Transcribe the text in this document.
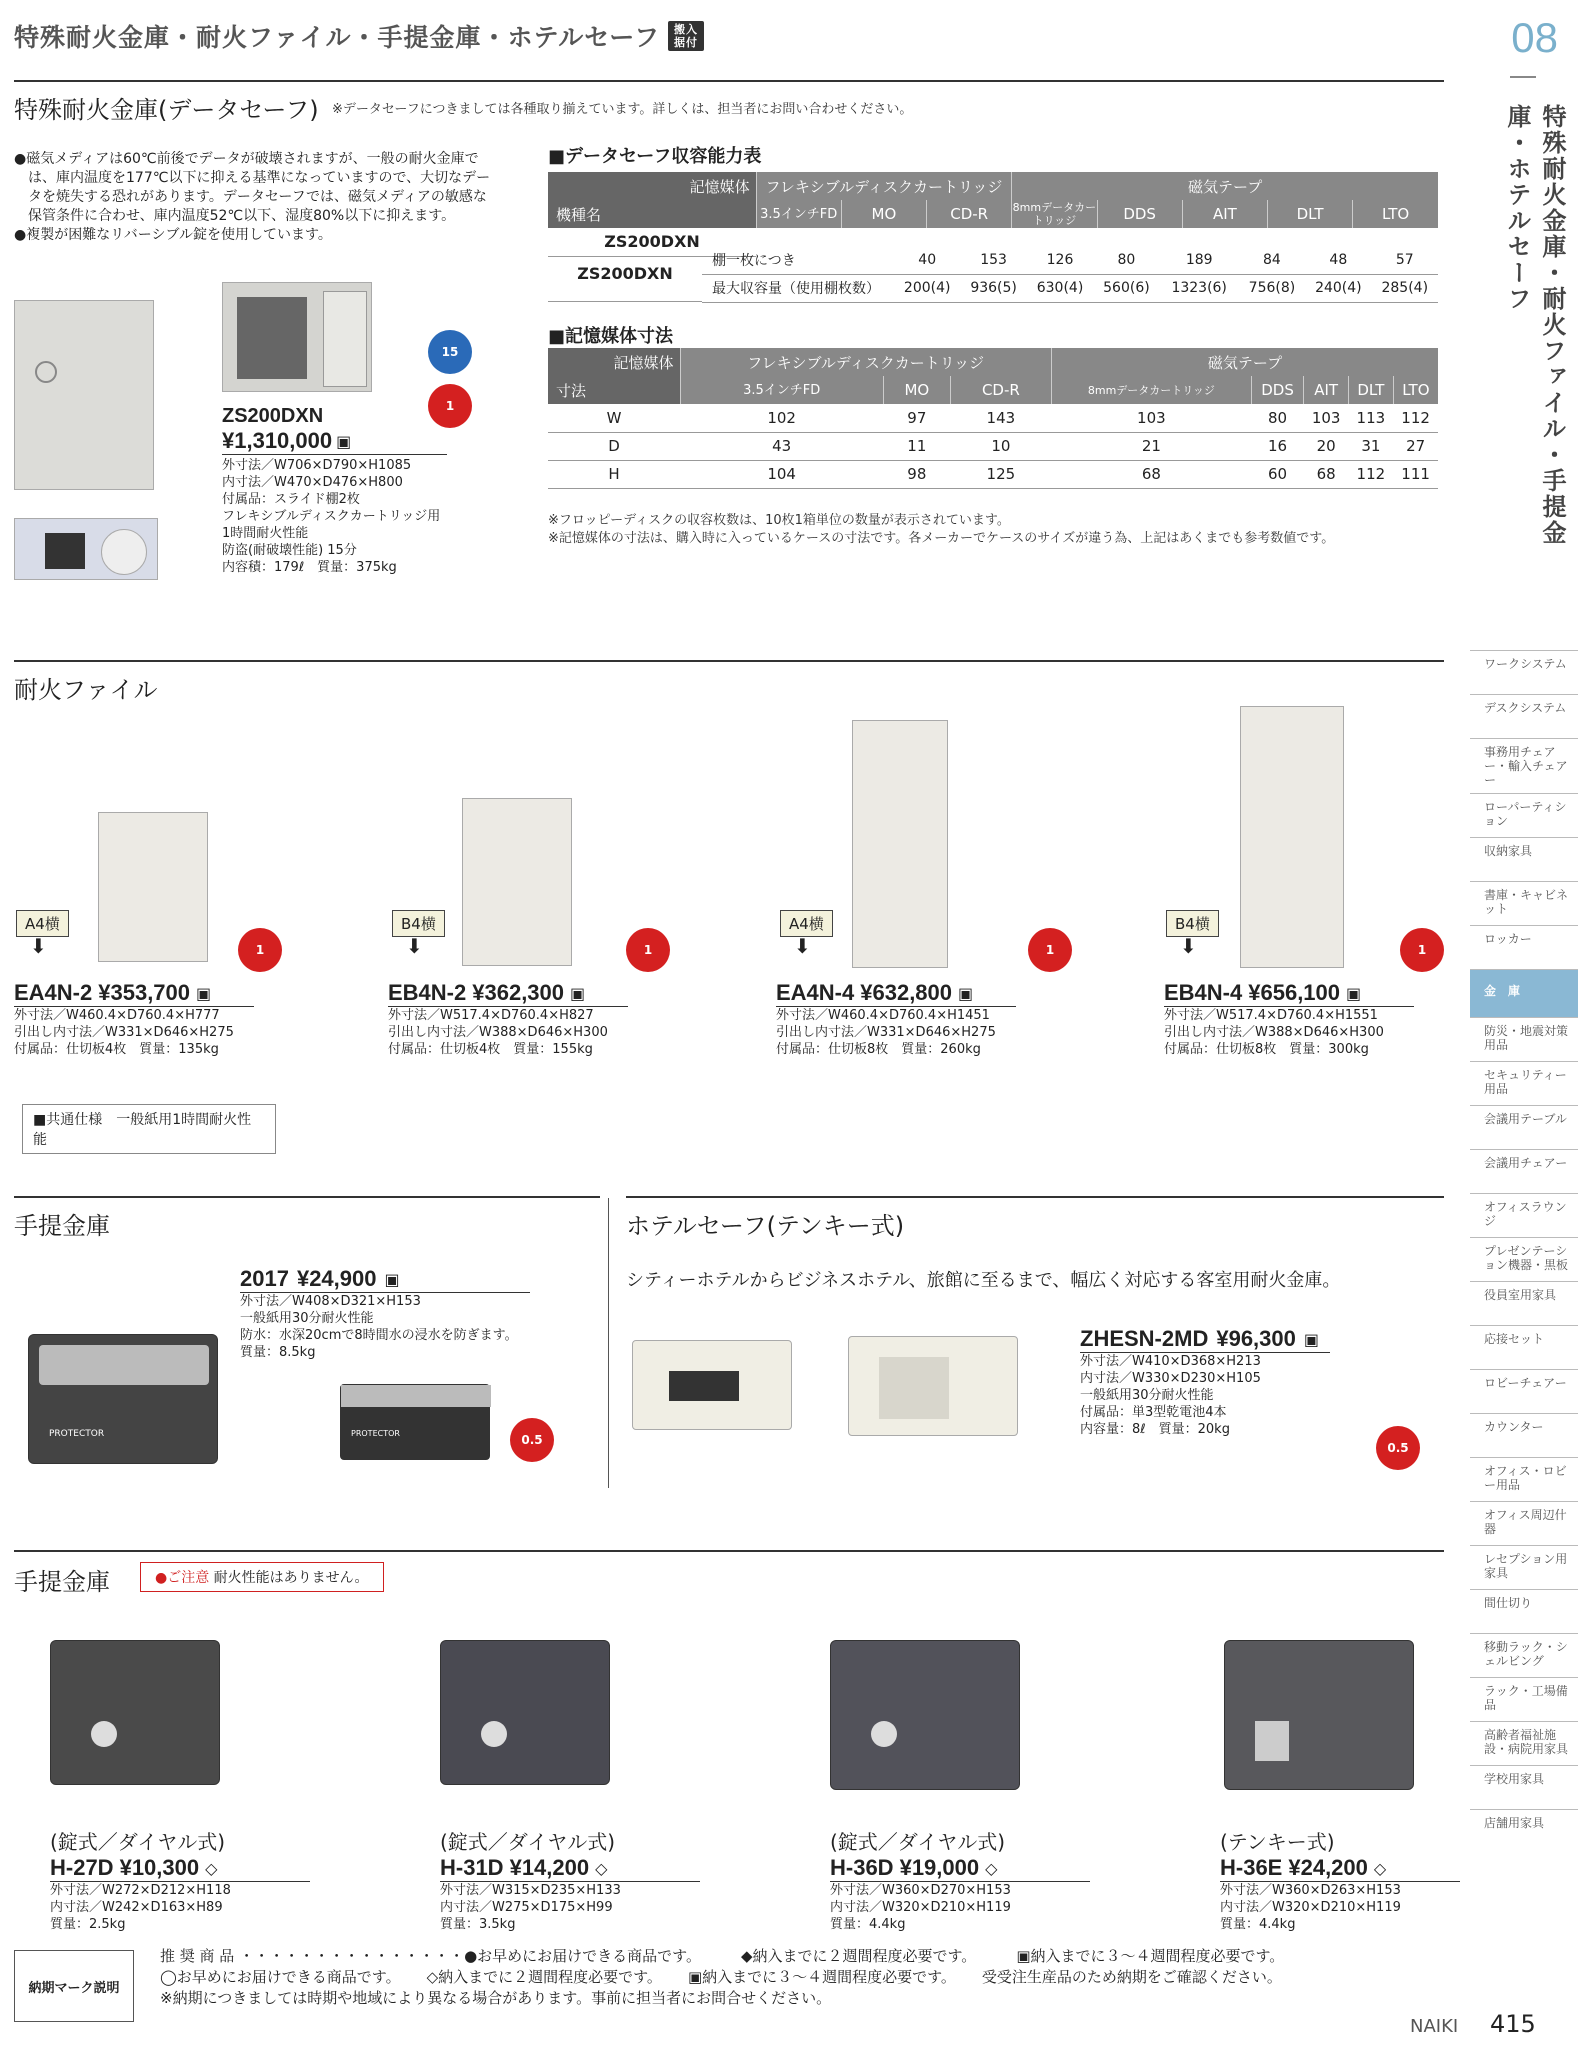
特殊耐火金庫・耐火ファイル・手提金庫・ホテルセーフ	搬入据付	08
特殊耐火金庫・耐火ファイル・手提金庫・ホテルセーフ
特殊耐火金庫(データセーフ) ※データセーフにつきましては各種取り揃えています。詳しくは、担当者にお問い合わせください。
●磁気メディアは60℃前後でデータが破壊されますが、一般の耐火金庫で
　は、庫内温度を177℃以下に抑える基準になっていますので、大切なデー
　タを焼失する恐れがあります。データセーフでは、磁気メディアの敏感な
　保管条件に合わせ、庫内温度52℃以下、湿度80%以下に抑えます。
●複製が困難なリバーシブル錠を使用しています。
15
1
ZS200DXN
¥1,310,000 ▣
外寸法／W706×D790×H1085
内寸法／W470×D476×H800
付属品：スライド棚2枚
フレキシブルディスクカートリッジ用
1時間耐火性能
防盗(耐破壊性能) 15分
内容積：179ℓ　質量：375kg
■データセーフ収容能力表
記憶媒体	フレキシブルディスクカートリッジ			磁気テープ				
機種名	3.5インチFD	MO	CD-R	8mmデータカートリッジ	DDS	AIT	DLT	LTO
ZS200DXN							
棚一枚につき	40	153	126	80	189	84	48	57
最大収容量（使用棚枚数）	200(4)	936(5)	630(4)	560(6)	1323(6)	756(8)	240(4)	285(4)
ZS200DXN
■記憶媒体寸法
記憶媒体	フレキシブルディスクカートリッジ			磁気テープ				
寸法	3.5インチFD	MO	CD-R	8mmデータカートリッジ	DDS	AIT	DLT	LTO
W	102	97	143	103	80	103	113	112
D	43	11	10	21	16	20	31	27
H	104	98	125	68	60	68	112	111
※フロッピーディスクの収容枚数は、10枚1箱単位の数量が表示されています。
※記憶媒体の寸法は、購入時に入っているケースの寸法です。各メーカーでケースのサイズが違う為、上記はあくまでも参考数値です。
耐火ファイル
A4横
⬇	1
EA4N-2 ¥353,700 ▣
外寸法／W460.4×D760.4×H777
引出し内寸法／W331×D646×H275
付属品：仕切板4枚　質量：135kg
B4横
⬇	1
EB4N-2 ¥362,300 ▣
外寸法／W517.4×D760.4×H827
引出し内寸法／W388×D646×H300
付属品：仕切板4枚　質量：155kg
A4横
⬇	1
EA4N-4 ¥632,800 ▣
外寸法／W460.4×D760.4×H1451
引出し内寸法／W331×D646×H275
付属品：仕切板8枚　質量：260kg
B4横
⬇	1
EB4N-4 ¥656,100 ▣
外寸法／W517.4×D760.4×H1551
引出し内寸法／W388×D646×H300
付属品：仕切板8枚　質量：300kg
■共通仕様　一般紙用1時間耐火性能
手提金庫
2017 ¥24,900 ▣
外寸法／W408×D321×H153
一般紙用30分耐火性能
防水：水深20cmで8時間水の浸水を防ぎます。
質量：8.5kg
PROTECTOR	PROTECTOR	0.5
ホテルセーフ(テンキー式)
シティーホテルからビジネスホテル、旅館に至るまで、幅広く対応する客室用耐火金庫。
ZHESN-2MD ¥96,300 ▣
外寸法／W410×D368×H213
内寸法／W330×D230×H105
一般紙用30分耐火性能
付属品：単3型乾電池4本
内容量：8ℓ　質量：20kg
0.5
手提金庫	●ご注意 耐火性能はありません。
(錠式／ダイヤル式)
H-27D ¥10,300 ◇
外寸法／W272×D212×H118
内寸法／W242×D163×H89
質量：2.5kg
(錠式／ダイヤル式)
H-31D ¥14,200 ◇
外寸法／W315×D235×H133
内寸法／W275×D175×H99
質量：3.5kg
(錠式／ダイヤル式)
H-36D ¥19,000 ◇
外寸法／W360×D270×H153
内寸法／W320×D210×H119
質量：4.4kg
(テンキー式)
H-36E ¥24,200 ◇
外寸法／W360×D263×H153
内寸法／W320×D210×H119
質量：4.4kg
ワークシステム
デスクシステム
事務用チェアー・輸入チェアー
ローパーティション
収納家具
書庫・キャビネット
ロッカー
金　庫
防災・地震対策用品
セキュリティー用品
会議用テーブル
会議用チェアー
オフィスラウンジ
プレゼンテーション機器・黒板
役員室用家具
応接セット
ロビーチェアー
カウンター
オフィス・ロビー用品
オフィス周辺什器
レセプション用家具
間仕切り
移動ラック・シェルビング
ラック・工場備品
高齢者福祉施設・病院用家具
学校用家具
店舗用家具
納期マーク説明
推 奨 商 品 ・・・・・・・・・・・・・・・●お早めにお届けできる商品です。	◆納入までに２週間程度必要です。	▣納入までに３～４週間程度必要です。
◯お早めにお届けできる商品です。 ◇納入までに２週間程度必要です。 ▣納入までに３～４週間程度必要です。 受受注生産品のため納期をご確認ください。
※納期につきましては時期や地域により異なる場合があります。事前に担当者にお問合せください。
NAIKI 415
